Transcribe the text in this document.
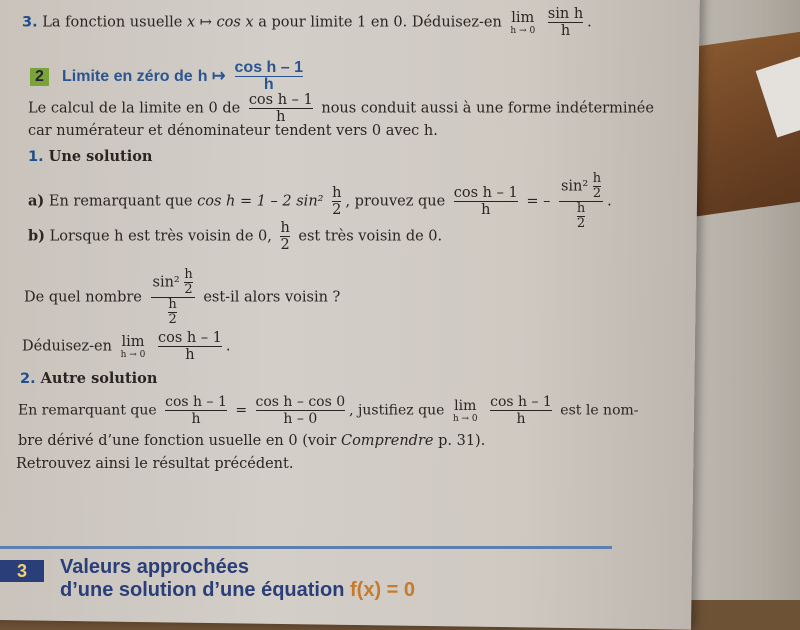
3. La fonction usuelle x ↦ cos x a pour limite 1 en 0. Déduisez-en lim
h → 0
$\frac{\text{sin h}}{h}$ .
2 Limite en zéro de h ↦ $\frac{\text{cos h – 1}}{h}$
Le calcul de la limite en 0 de $\frac{\text{cos h – 1}}{h}$ nous conduit aussi à une forme indéterminée
car numérateur et dénominateur tendent vers 0 avec h.
1. Une solution
a) En remarquant que cos h = 1 – 2 $\sin^2 \frac{h}{2}$ , prouvez que $\frac{\text{cos h – 1}}{h}$ = – $\frac{\sin^2 \frac{h}{2}}{\frac{h}{2}}$ .
b) Lorsque h est très voisin de 0, $\frac{h}{2}$ est très voisin de 0.
De quel nombre $\frac{\sin^2 \frac{h}{2}}{\frac{h}{2}} est-il$ alors voisin ?
Déduisez-en lim
h → 0
$\frac{\text{cos h – 1}}{h}$ .
2. Autre solution
En remarquant que $\frac{\text{cos h – 1}}{h} = \frac{\text{cos h – cos 0}}{h - 0}$ , justifiez que lim
h → 0
$\frac{\text{cos h – 1}}{h}$ est le nom-
bre dérivé d’une fonction usuelle en 0 (voir Comprendre p. 31).
Retrouvez ainsi le résultat précédent.
3	Valeurs approchées
d’une solution d’une équation f(x) = 0
